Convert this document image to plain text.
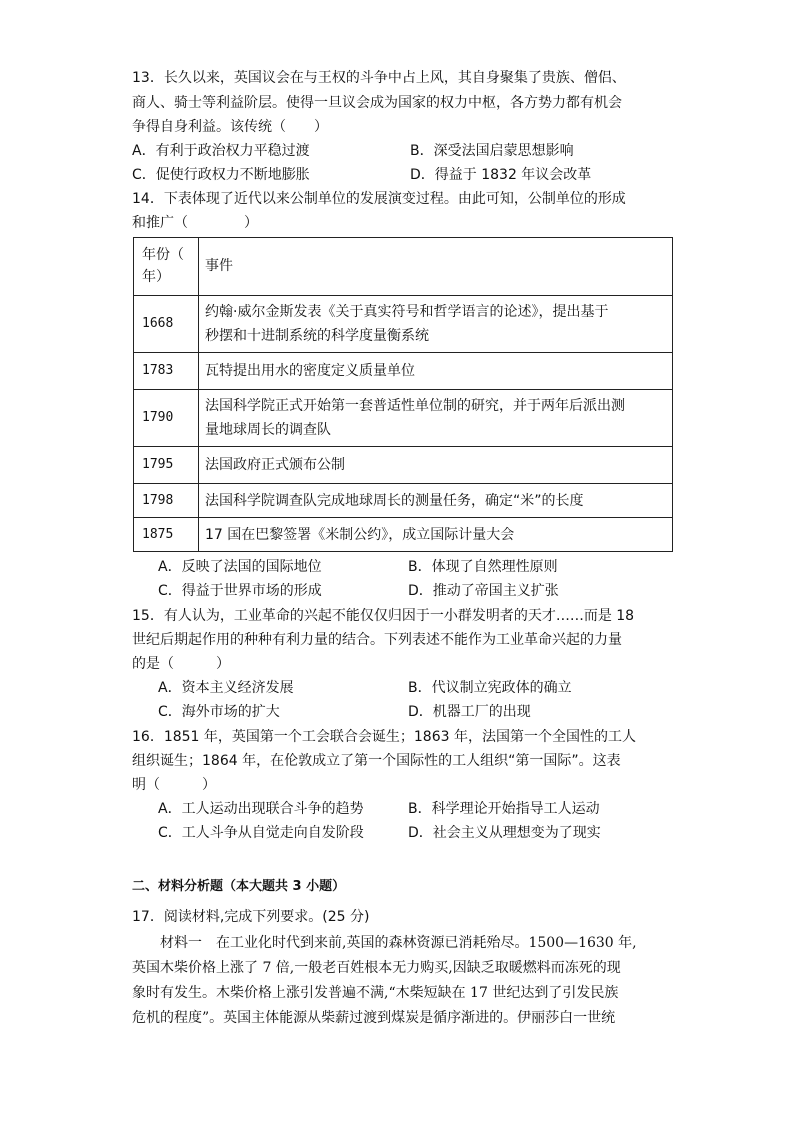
13．长久以来，英国议会在与王权的斗争中占上风，其自身聚集了贵族、僧侣、
商人、骑士等利益阶层。使得一旦议会成为国家的权力中枢，各方势力都有机会
争得自身利益。该传统（　　）
A．有利于政治权力平稳过渡	B．深受法国启蒙思想影响
C．促使行政权力不断地膨胀	D．得益于 1832 年议会改革
14．下表体现了近代以来公制单位的发展演变过程。由此可知，公制单位的形成
和推广（　　　　）
年份（
年）	事件
1668	约翰·威尔金斯发表《关于真实符号和哲学语言的论述》，提出基于
秒摆和十进制系统的科学度量衡系统

1783	瓦特提出用水的密度定义质量单位
1790	法国科学院正式开始第一套普适性单位制的研究，并于两年后派出测
量地球周长的调查队

1795	法国政府正式颁布公制
1798	法国科学院调查队完成地球周长的测量任务，确定“米”的长度
1875	17 国在巴黎签署《米制公约》，成立国际计量大会
A．反映了法国的国际地位	B．体现了自然理性原则
C．得益于世界市场的形成	D．推动了帝国主义扩张
15．有人认为，工业革命的兴起不能仅仅归因于一小群发明者的天才……而是 18
世纪后期起作用的种种有利力量的结合。下列表述不能作为工业革命兴起的力量
的是（　　　）
A．资本主义经济发展	B．代议制立宪政体的确立
C．海外市场的扩大	D．机器工厂的出现
16．1851 年，英国第一个工会联合会诞生；1863 年，法国第一个全国性的工人
组织诞生；1864 年，在伦敦成立了第一个国际性的工人组织“第一国际”。这表
明（　　　）
A．工人运动出现联合斗争的趋势	B．科学理论开始指导工人运动
C．工人斗争从自觉走向自发阶段	D．社会主义从理想变为了现实
二、材料分析题（本大题共 3 小题）
17．阅读材料,完成下列要求。(25 分)
材料一　在工业化时代到来前,英国的森林资源已消耗殆尽。1500—1630 年,
英国木柴价格上涨了 7 倍,一般老百姓根本无力购买,因缺乏取暖燃料而冻死的现
象时有发生。木柴价格上涨引发普遍不满,“木柴短缺在 17 世纪达到了引发民族
危机的程度”。英国主体能源从柴薪过渡到煤炭是循序渐进的。伊丽莎白一世统
